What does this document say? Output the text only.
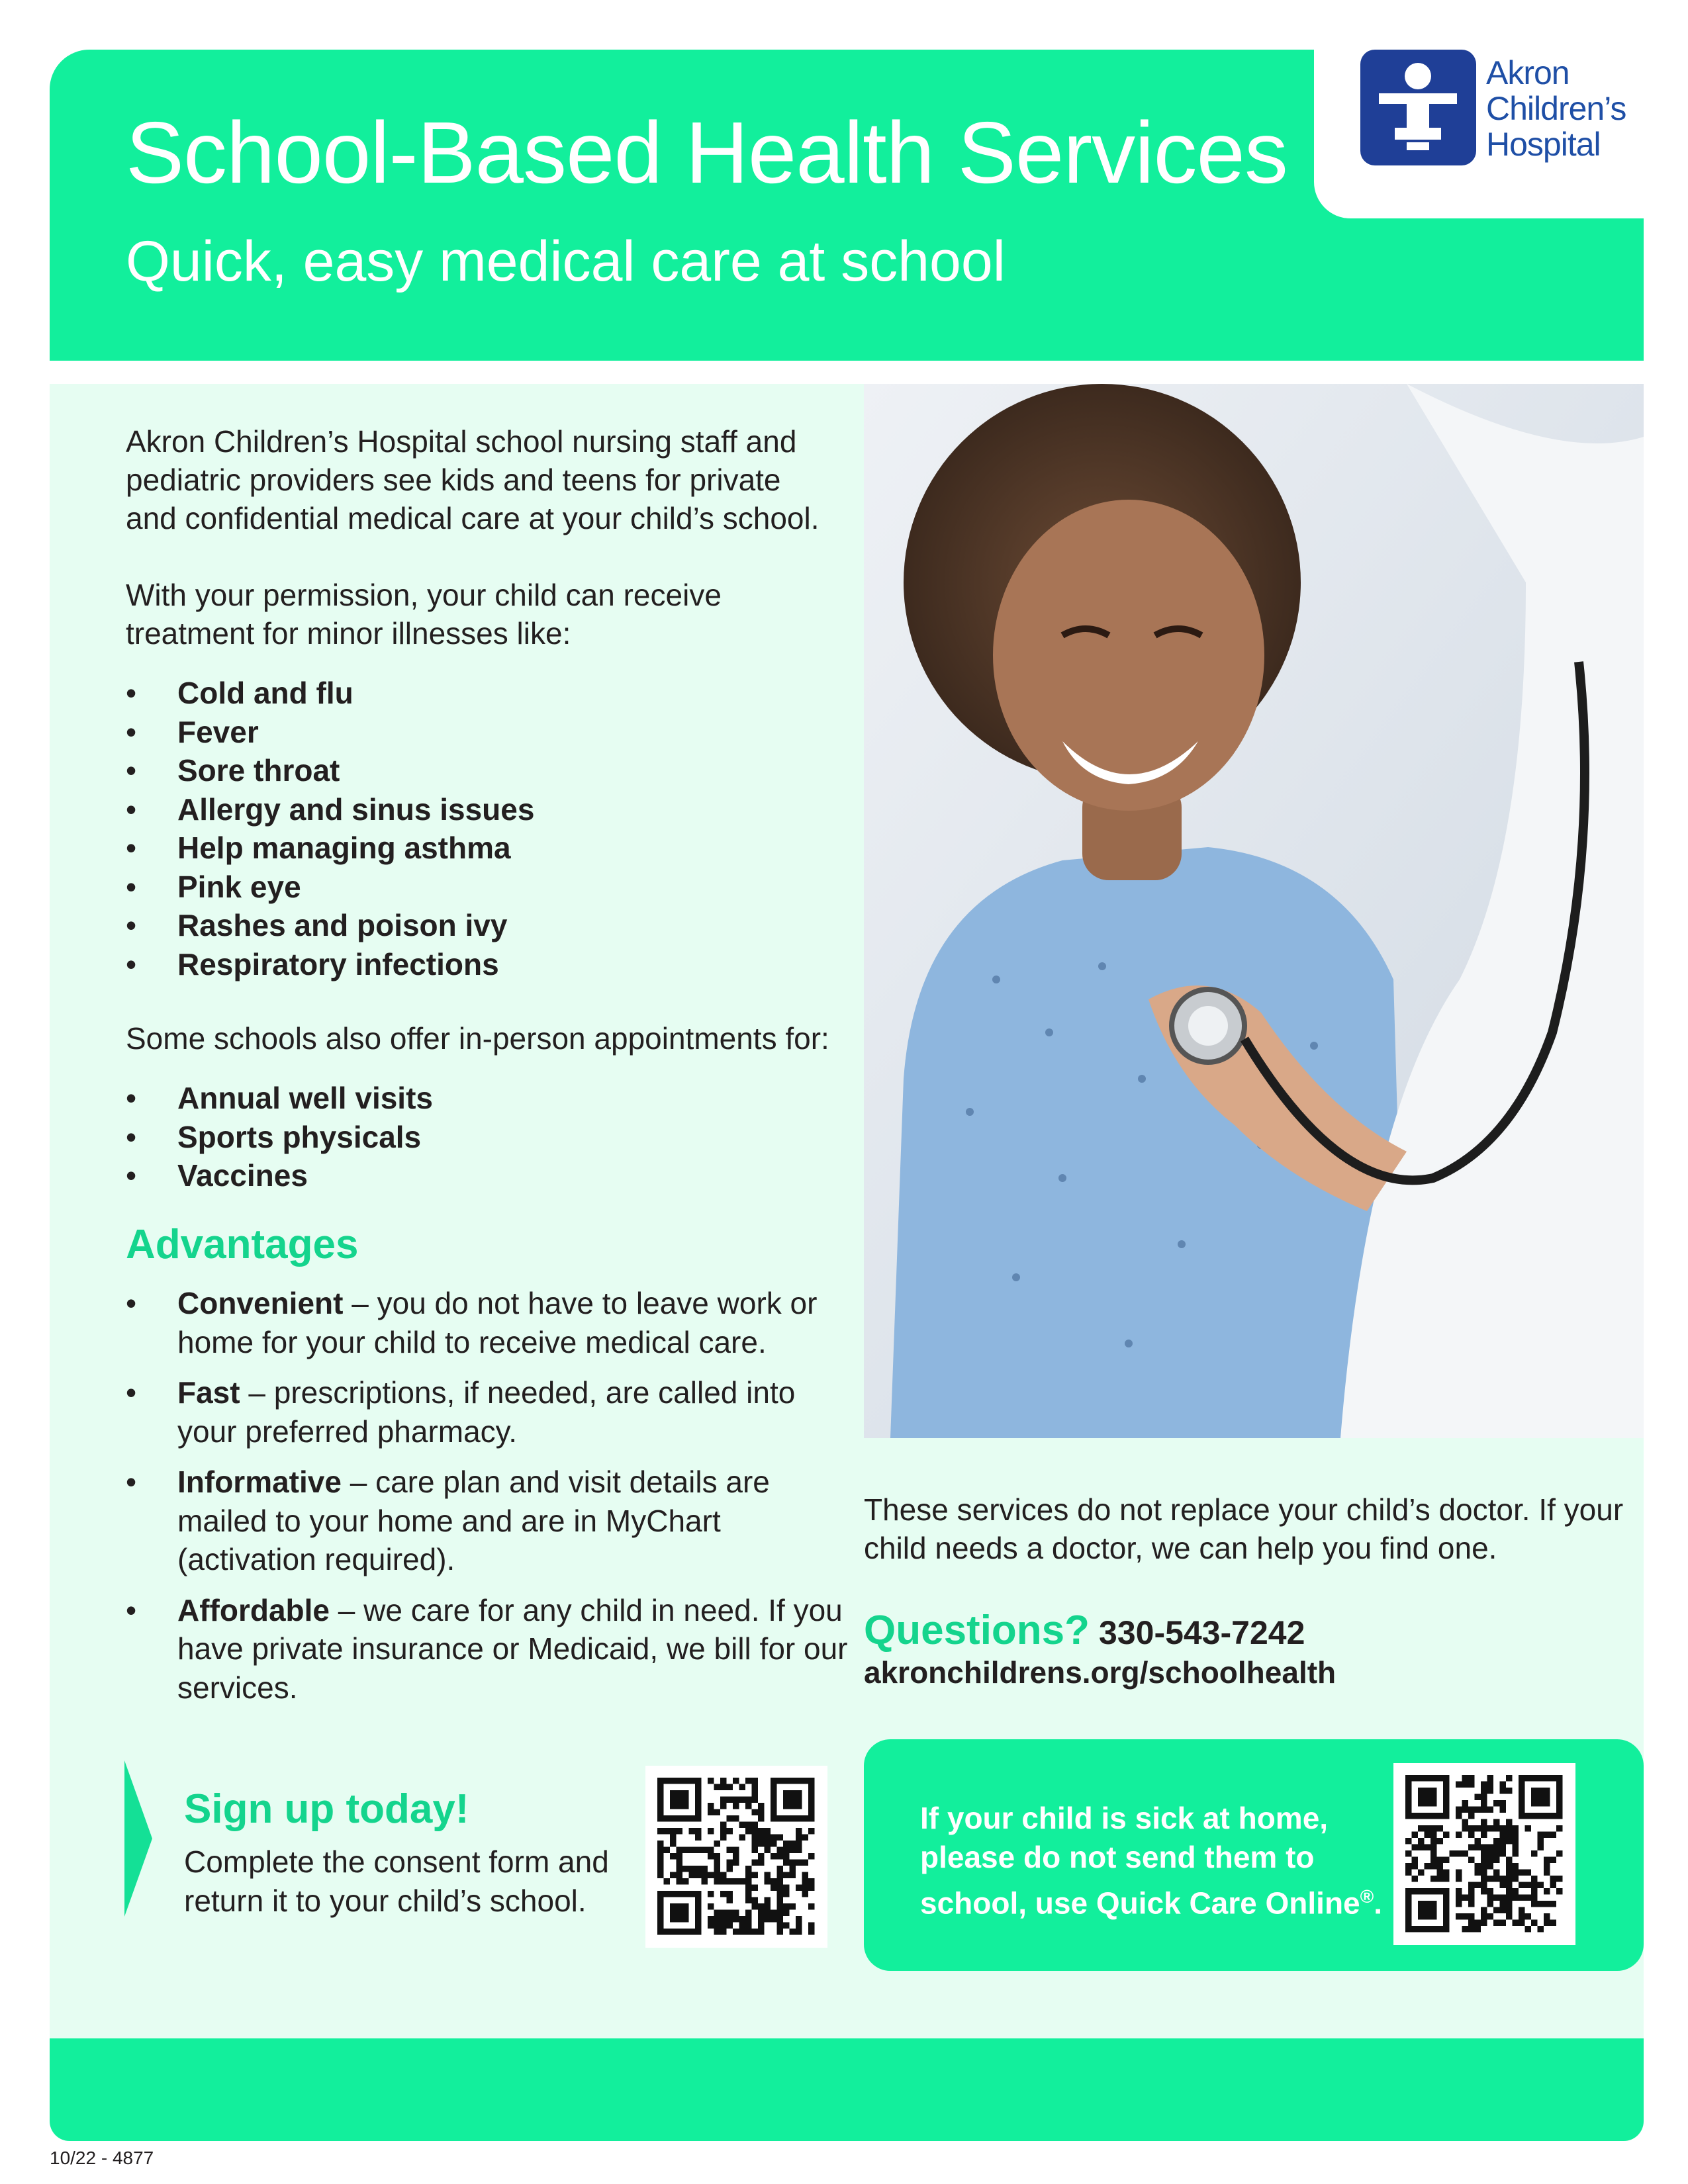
School-Based Health Services
Quick, easy medical care at school
Akron
Children’s
Hospital
Akron Children’s Hospital school nursing staff and pediatric providers see kids and teens for private and confidential medical care at your child’s school.
With your permission, your child can receive treatment for minor illnesses like:
• Cold and flu
• Fever
• Sore throat
• Allergy and sinus issues
• Help managing asthma
• Pink eye
• Rashes and poison ivy
• Respiratory infections
Some schools also offer in-person appointments for:
• Annual well visits
• Sports physicals
• Vaccines
Advantages
• Convenient – you do not have to leave work or home for your child to receive medical care.
• Fast – prescriptions, if needed, are called into your preferred pharmacy.
• Informative – care plan and visit details are mailed to your home and are in MyChart (activation required).
• Affordable – we care for any child in need. If you have private insurance or Medicaid, we bill for our services.
Sign up today!
Complete the consent form and return it to your child’s school.
These services do not replace your child’s doctor. If your child needs a doctor, we can help you find one.
Questions? 330-543-7242
akronchildrens.org/schoolhealth
If your child is sick at home, please do not send them to school, use Quick Care Online®.
10/22 - 4877
